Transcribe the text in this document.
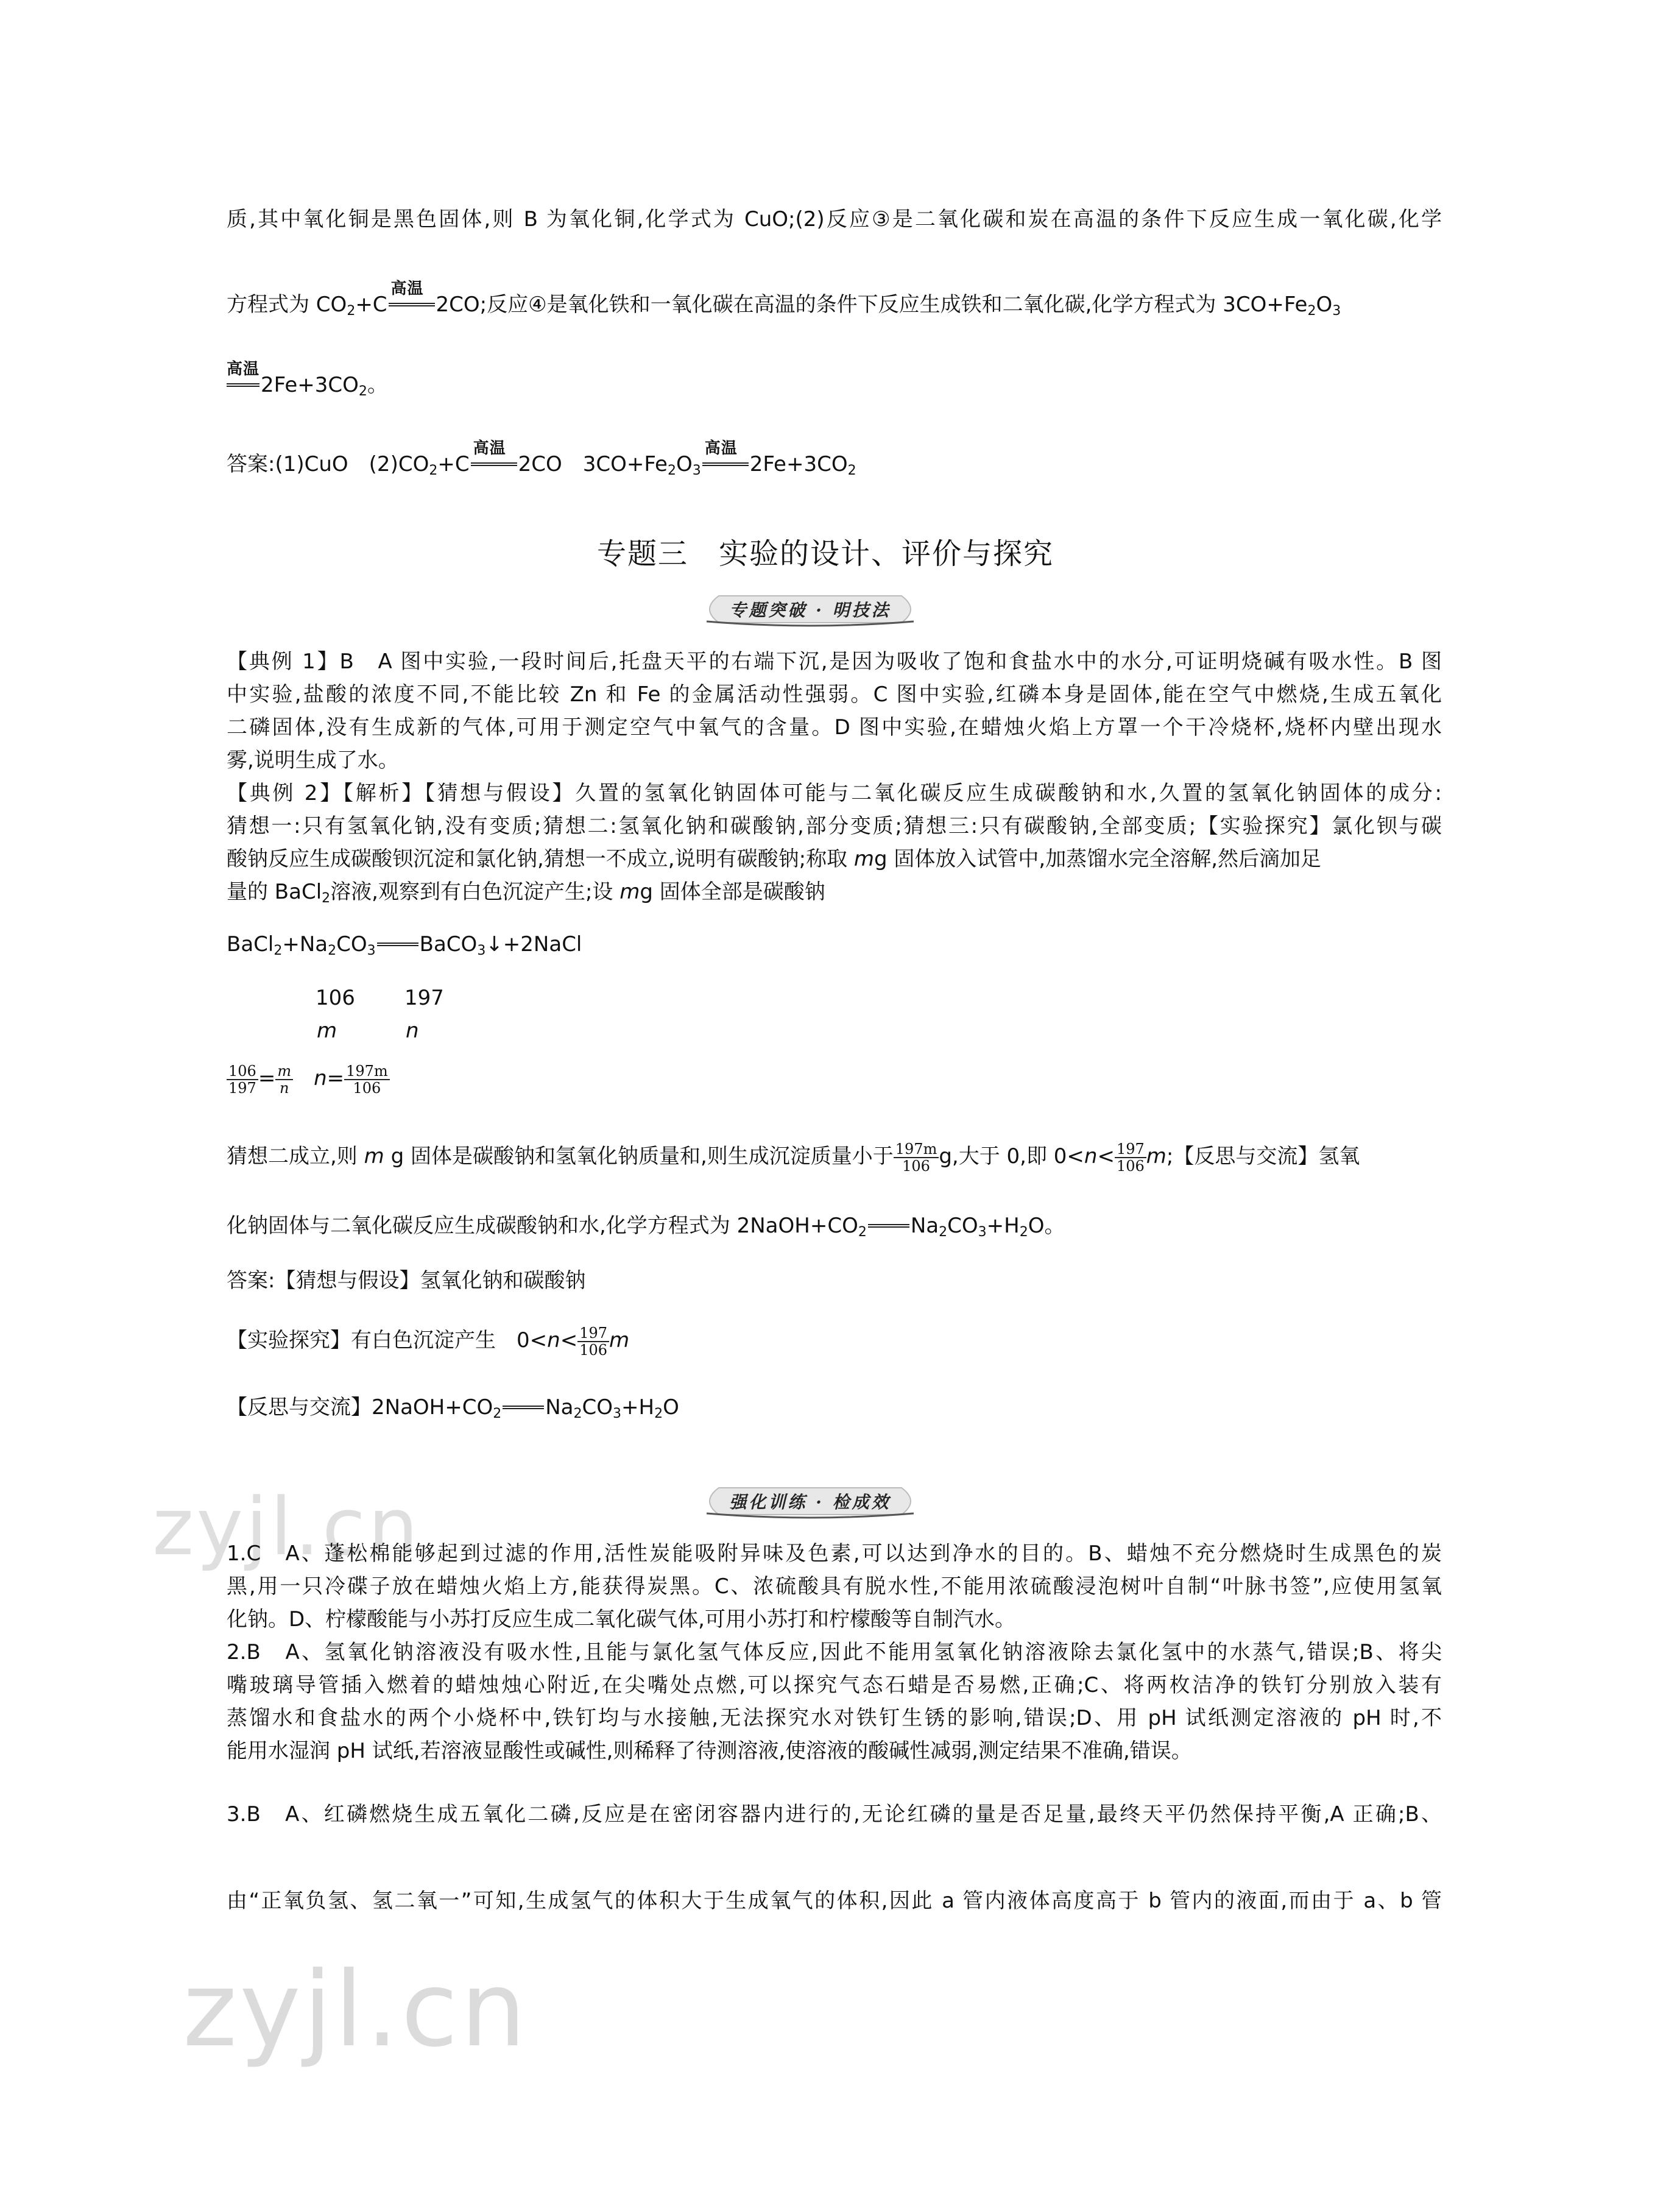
zyjl.cn
zyjl.cn
质,其中氧化铜是黑色固体,则 B 为氧化铜,化学式为 CuO;(2)反应③是二氧化碳和炭在高温的条件下反应生成一氧化碳,化学
方程式为 $CO_2+C$
高温
2CO;反应④是氧化铁和一氧化碳在高温的条件下反应生成铁和二氧化碳,化学方程式为 $3CO+Fe_2O_3$
高温
$2Fe+3CO_2$。
答案:(1)CuO　$(2)CO_2+C$
高温
2CO　$3CO+Fe_2O_3$
高温
$2Fe+3CO_2$
专题三　实验的设计、评价与探究
专题突破 · 明技法
【典例 1】B　A 图中实验,一段时间后,托盘天平的右端下沉,是因为吸收了饱和食盐水中的水分,可证明烧碱有吸水性。B 图
中实验,盐酸的浓度不同,不能比较 Zn 和 Fe 的金属活动性强弱。C 图中实验,红磷本身是固体,能在空气中燃烧,生成五氧化
二磷固体,没有生成新的气体,可用于测定空气中氧气的含量。D 图中实验,在蜡烛火焰上方罩一个干冷烧杯,烧杯内壁出现水
雾,说明生成了水。
【典例 2】【解析】【猜想与假设】久置的氢氧化钠固体可能与二氧化碳反应生成碳酸钠和水,久置的氢氧化钠固体的成分:
猜想一:只有氢氧化钠,没有变质;猜想二:氢氧化钠和碳酸钠,部分变质;猜想三:只有碳酸钠,全部变质;【实验探究】氯化钡与碳
酸钠反应生成碳酸钡沉淀和氯化钠,猜想一不成立,说明有碳酸钠;称取 mg 固体放入试管中,加蒸馏水完全溶解,然后滴加足
量的 BaCl$_2$溶液,观察到有白色沉淀产生;设 mg 固体全部是碳酸钠
$BaCl_2+Na_2CO_3$ BaCO$_3$↓+2NaCl
106 197
m	n
$\frac{106}{197} = \frac{m}{n}$
　 $n= \frac{197m}{106}$
猜想二成立,则 m g 固体是碳酸钠和氢氧化钠质量和,则生成沉淀质量小于 $\frac{197m}{106} g$,大于 0,即 $0<n< \frac{197}{106} m$;【反思与交流】氢氧
化钠固体与二氧化碳反应生成碳酸钠和水,化学方程式为 $2NaOH+CO_2$ $Na_2CO_3+H_2O$。
答案:【猜想与假设】氢氧化钠和碳酸钠
【实验探究】有白色沉淀产生　$0<n< \frac{197}{106}$ m
【反思与交流】$2NaOH+CO_2$ $Na_2CO_3+H_2O$
强化训练 · 检成效
1.C　A、蓬松棉能够起到过滤的作用,活性炭能吸附异味及色素,可以达到净水的目的。B、蜡烛不充分燃烧时生成黑色的炭
黑,用一只冷碟子放在蜡烛火焰上方,能获得炭黑。C、浓硫酸具有脱水性,不能用浓硫酸浸泡树叶自制“叶脉书签”,应使用氢氧
化钠。D、柠檬酸能与小苏打反应生成二氧化碳气体,可用小苏打和柠檬酸等自制汽水。
2.B　A、氢氧化钠溶液没有吸水性,且能与氯化氢气体反应,因此不能用氢氧化钠溶液除去氯化氢中的水蒸气,错误;B、将尖
嘴玻璃导管插入燃着的蜡烛烛心附近,在尖嘴处点燃,可以探究气态石蜡是否易燃,正确;C、将两枚洁净的铁钉分别放入装有
蒸馏水和食盐水的两个小烧杯中,铁钉均与水接触,无法探究水对铁钉生锈的影响,错误;D、用 pH 试纸测定溶液的 pH 时,不
能用水湿润 pH 试纸,若溶液显酸性或碱性,则稀释了待测溶液,使溶液的酸碱性减弱,测定结果不准确,错误。
3.B　A、红磷燃烧生成五氧化二磷,反应是在密闭容器内进行的,无论红磷的量是否足量,最终天平仍然保持平衡,A 正确;B、
由“正氧负氢、氢二氧一”可知,生成氢气的体积大于生成氧气的体积,因此 a 管内液体高度高于 b 管内的液面,而由于 a、b 管
